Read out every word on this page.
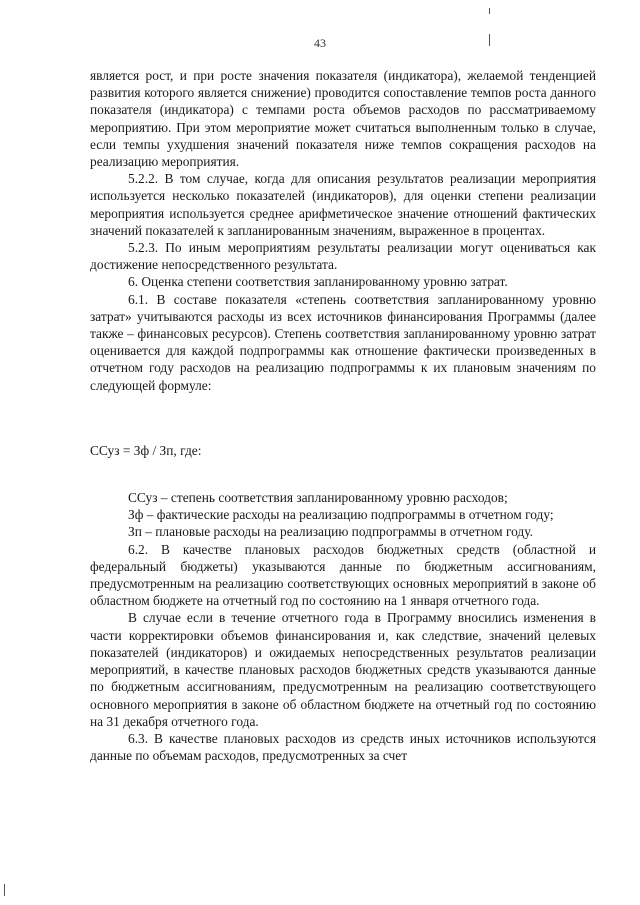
43

является рост, и при росте значения показателя (индикатора), желаемой тенденцией развития которого является снижение) проводится сопоставление темпов роста данного показателя (индикатора) с темпами роста объемов расходов по рассматриваемому мероприятию. При этом мероприятие может считаться выполненным только в случае, если темпы ухудшения значений показателя ниже темпов сокращения расходов на реализацию мероприятия.

5.2.2. В том случае, когда для описания результатов реализации мероприятия используется несколько показателей (индикаторов), для оценки степени реализации мероприятия используется среднее арифметическое значение отношений фактических значений показателей к запланированным значениям, выраженное в процентах.

5.2.3. По иным мероприятиям результаты реализации могут оцениваться как достижение непосредственного результата.

6. Оценка степени соответствия запланированному уровню затрат.

6.1. В составе показателя «степень соответствия запланированному уровню затрат» учитываются расходы из всех источников финансирования Программы (далее также – финансовых ресурсов). Степень соответствия запланированному уровню затрат оценивается для каждой подпрограммы как отношение фактически произведенных в отчетном году расходов на реализацию подпрограммы к их плановым значениям по следующей формуле:

ССуз = Зф / Зп, где:

ССуз – степень соответствия запланированному уровню расходов;

Зф – фактические расходы на реализацию подпрограммы в отчетном году;

Зп – плановые расходы на реализацию подпрограммы в отчетном году.

6.2. В качестве плановых расходов бюджетных средств (областной и федеральный бюджеты) указываются данные по бюджетным ассигнованиям, предусмотренным на реализацию соответствующих основных мероприятий в законе об областном бюджете на отчетный год по состоянию на 1 января отчетного года.

В случае если в течение отчетного года в Программу вносились изменения в части корректировки объемов финансирования и, как следствие, значений целевых показателей (индикаторов) и ожидаемых непосредственных результатов реализации мероприятий, в качестве плановых расходов бюджетных средств указываются данные по бюджетным ассигнованиям, предусмотренным на реализацию соответствующего основного мероприятия в законе об областном бюджете на отчетный год по состоянию на 31 декабря отчетного года.

6.3. В качестве плановых расходов из средств иных источников используются данные по объемам расходов, предусмотренных за счет
